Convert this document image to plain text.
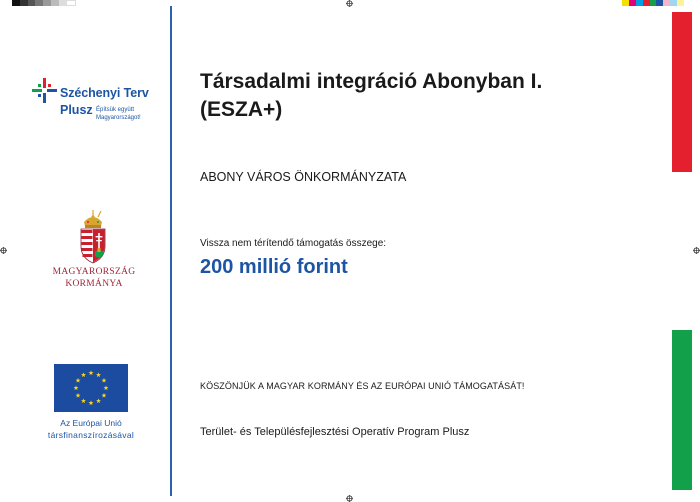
Széchenyi Terv
Plusz Építsük együtt
Magyarországot!
MAGYARORSZÁG
KORMÁNYA
Az Európai Unió
társfinanszírozásával
Társadalmi integráció Abonyban I.
(ESZA+)
ABONY VÁROS ÖNKORMÁNYZATA
Vissza nem térítendő támogatás összege:
200 millió forint
KÖSZÖNJÜK A MAGYAR KORMÁNY ÉS AZ EURÓPAI UNIÓ TÁMOGATÁSÁT!
Terület- és Településfejlesztési Operatív Program Plusz
